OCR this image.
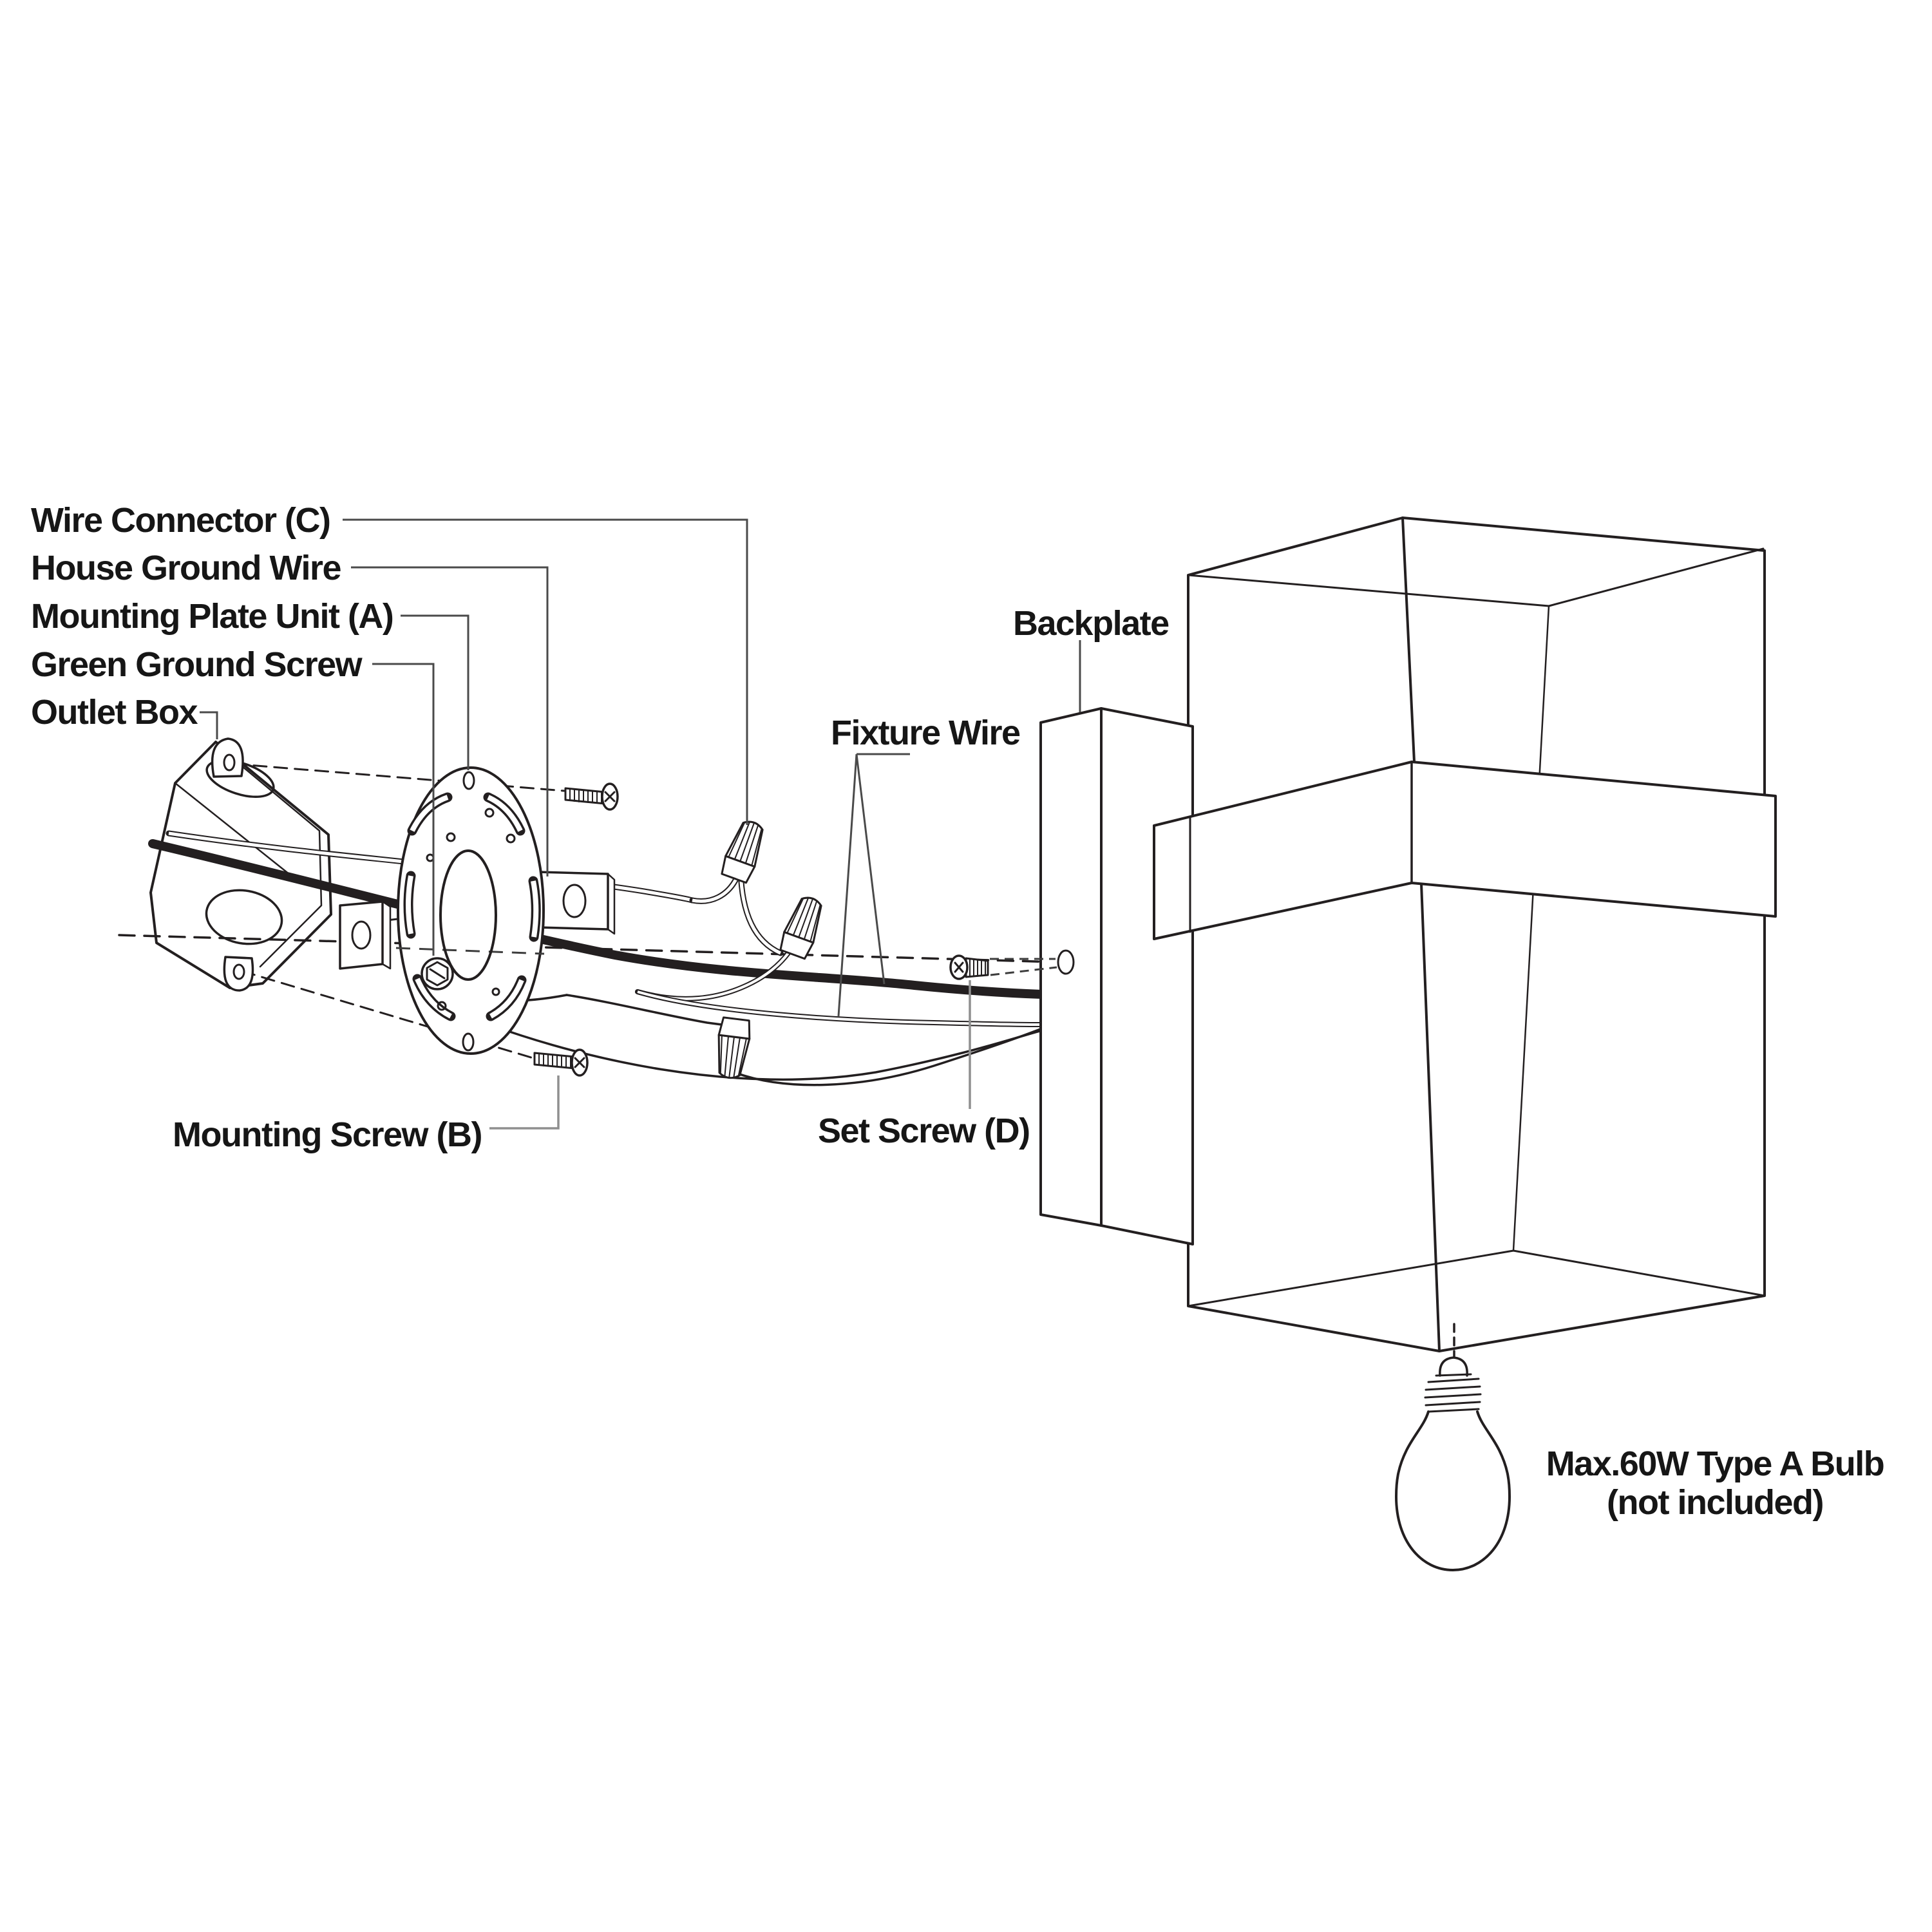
Wire Connector (C)
House Ground Wire
Mounting Plate Unit (A)
Green Ground Screw
Outlet Box
Backplate
Fixture Wire
Set Screw (D)
Mounting Screw (B)
Max.60W Type A Bulb
(not included)
